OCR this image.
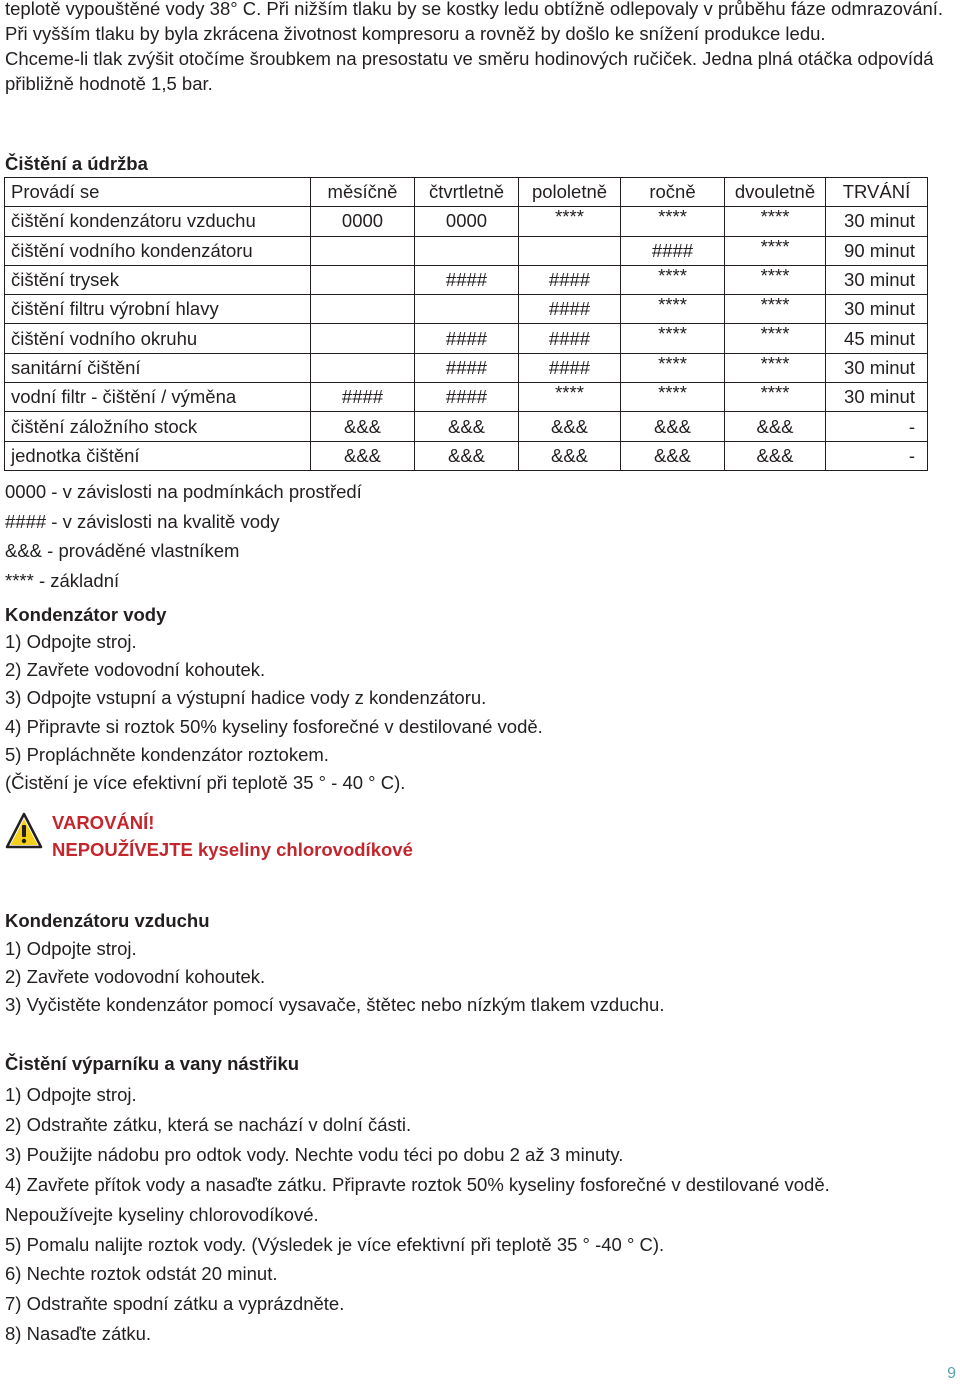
teplotě vypouštěné vody 38° C. Při nižším tlaku by se kostky ledu obtížně odlepovaly v průběhu fáze odmrazování. Při vyšším tlaku by byla zkrácena životnost kompresoru a rovněž by došlo ke snížení produkce ledu.

Chceme-li tlak zvýšit otočíme šroubkem na presostatu ve směru hodinových ručiček. Jedna plná otáčka odpovídá přibližně hodnotě 1,5 bar.

Čištění a údržba
Provádí se	měsíčně	čtvrtletně	pololetně	ročně	dvouletně	TRVÁNÍ
čištění kondenzátoru vzduchu	0000	0000	****	****	****	30 minut
čištění vodního kondenzátoru				####	****	90 minut
čištění trysek		####	####	****	****	30 minut
čištění filtru výrobní hlavy			####	****	****	30 minut
čištění vodního okruhu		####	####	****	****	45 minut
sanitární čištění		####	####	****	****	30 minut
vodní filtr - čištění / výměna	####	####	****	****	****	30 minut
čištění záložního stock	&&&	&&&	&&&	&&&	&&&	-
jednotka čištění	&&&	&&&	&&&	&&&	&&&	-
0000 - v závislosti na podmínkách prostředí
#### - v závislosti na kvalitě vody
&&& - prováděné vlastníkem
**** - základní
Kondenzátor vody
1) Odpojte stroj.
2) Zavřete vodovodní kohoutek.
3) Odpojte vstupní a výstupní hadice vody z kondenzátoru.
4) Připravte si roztok 50% kyseliny fosforečné v destilované vodě.
5) Propláchněte kondenzátor roztokem.
(Čistění je více efektivní při teplotě 35 ° - 40 ° C).
VAROVÁNÍ!
NEPOUŽÍVEJTE kyseliny chlorovodíkové
Kondenzátoru vzduchu
1) Odpojte stroj.
2) Zavřete vodovodní kohoutek.
3) Vyčistěte kondenzátor pomocí vysavače, štětec nebo nízkým tlakem vzduchu.
Čistění výparníku a vany nástřiku
1) Odpojte stroj.
2) Odstraňte zátku, která se nachází v dolní části.
3) Použijte nádobu pro odtok vody. Nechte vodu téci po dobu 2 až 3 minuty.
4) Zavřete přítok vody a nasaďte zátku. Připravte roztok 50% kyseliny fosforečné v destilované vodě.
Nepoužívejte kyseliny chlorovodíkové.
5) Pomalu nalijte roztok vody. (Výsledek je více efektivní při teplotě 35 ° -40 ° C).
6) Nechte roztok odstát 20 minut.
7) Odstraňte spodní zátku a vyprázdněte.
8) Nasaďte zátku.
9
